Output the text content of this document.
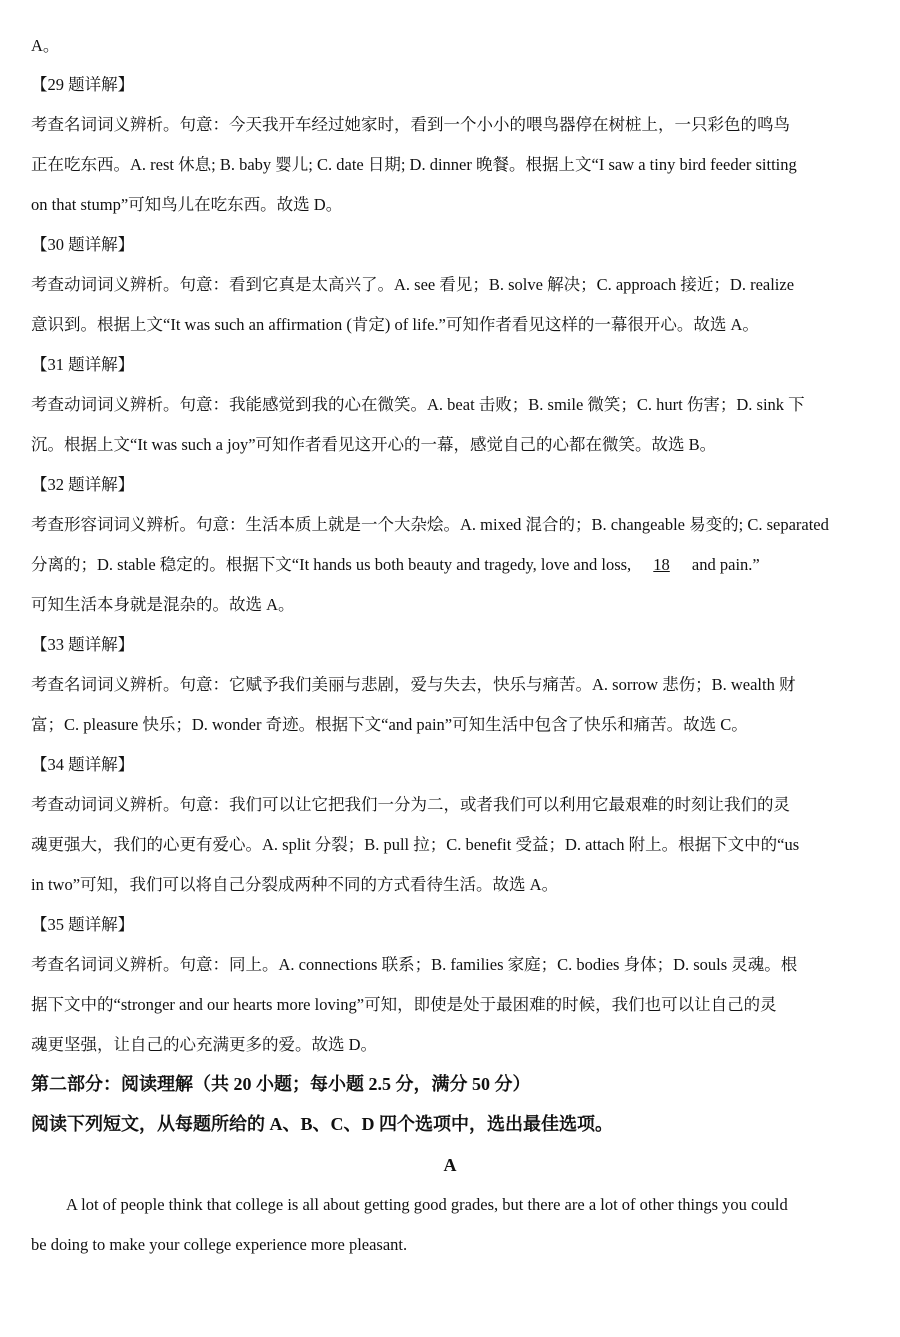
A。
【29 题详解】
考查名词词义辨析。句意：今天我开车经过她家时，看到一个小小的喂鸟器停在树桩上，一只彩色的鸣鸟
正在吃东西。A. rest 休息; B. baby 婴儿; C. date 日期; D. dinner 晚餐。根据上文“I saw a tiny bird feeder sitting
on that stump”可知鸟儿在吃东西。故选 D。
【30 题详解】
考查动词词义辨析。句意：看到它真是太高兴了。A. see 看见；B. solve 解决；C. approach 接近；D. realize
意识到。根据上文“It was such an affirmation (肯定) of life.”可知作者看见这样的一幕很开心。故选 A。
【31 题详解】
考查动词词义辨析。句意：我能感觉到我的心在微笑。A. beat 击败；B. smile 微笑；C. hurt 伤害；D. sink 下
沉。根据上文“It was such a joy”可知作者看见这开心的一幕，感觉自己的心都在微笑。故选 B。
【32 题详解】
考查形容词词义辨析。句意：生活本质上就是一个大杂烩。A. mixed 混合的；B. changeable 易变的; C. separated
分离的；D. stable 稳定的。根据下文“It hands us both beauty and tragedy, love and loss, 18 and pain.”
可知生活本身就是混杂的。故选 A。
【33 题详解】
考查名词词义辨析。句意：它赋予我们美丽与悲剧，爱与失去，快乐与痛苦。A. sorrow 悲伤；B. wealth 财
富；C. pleasure 快乐；D. wonder 奇迹。根据下文“and pain”可知生活中包含了快乐和痛苦。故选 C。
【34 题详解】
考查动词词义辨析。句意：我们可以让它把我们一分为二，或者我们可以利用它最艰难的时刻让我们的灵
魂更强大，我们的心更有爱心。A. split 分裂；B. pull 拉；C. benefit 受益；D. attach 附上。根据下文中的“us
in two”可知，我们可以将自己分裂成两种不同的方式看待生活。故选 A。
【35 题详解】
考查名词词义辨析。句意：同上。A. connections 联系；B. families 家庭；C. bodies 身体；D. souls 灵魂。根
据下文中的“stronger and our hearts more loving”可知，即使是处于最困难的时候，我们也可以让自己的灵
魂更坚强，让自己的心充满更多的爱。故选 D。
第二部分：阅读理解（共 20 小题；每小题 2.5 分，满分 50 分）
阅读下列短文，从每题所给的 A、B、C、D 四个选项中，选出最佳选项。
A
A lot of people think that college is all about getting good grades, but there are a lot of other things you could
be doing to make your college experience more pleasant.
